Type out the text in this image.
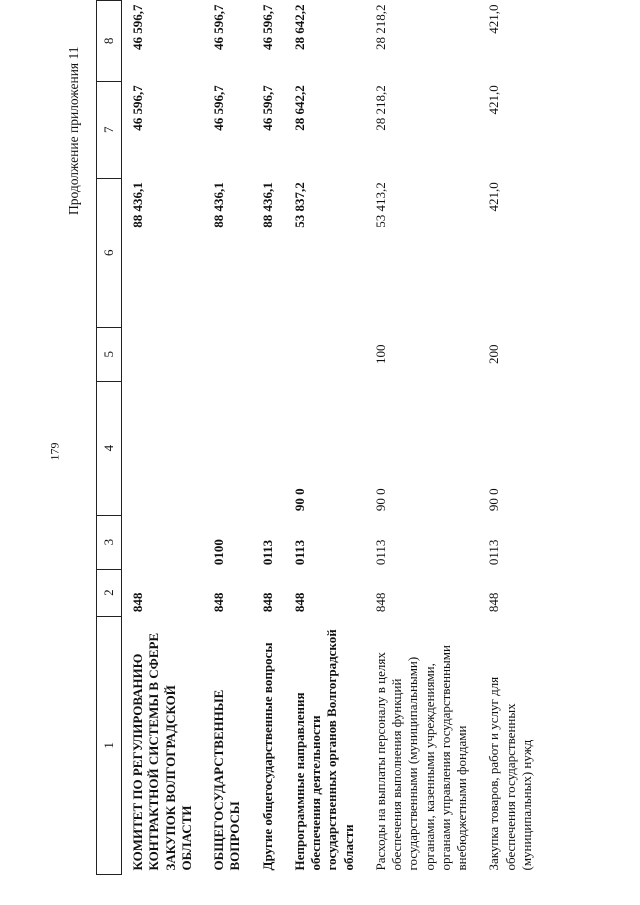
179
Продолжение приложения 11
1	2	3	4	5	6	7	8
КОМИТЕТ ПО РЕГУЛИРОВАНИЮ КОНТРАКТНОЙ СИСТЕМЫ В СФЕРЕ ЗАКУПОК ВОЛГОГРАДСКОЙ ОБЛАСТИ	848				88 436,1	46 596,7	46 596,7
ОБЩЕГОСУДАРСТВЕННЫЕ ВОПРОСЫ	848	0100			88 436,1	46 596,7	46 596,7
Другие общегосударственные вопросы	848	0113			88 436,1	46 596,7	46 596,7
Непрограммные направления обеспечения деятельности государственных органов Волгоградской области	848	0113	90 0		53 837,2	28 642,2	28 642,2
Расходы на выплаты персоналу в целях обеспечения выполнения функций государственными (муниципальными) органами, казенными учреждениями, органами управления государственными внебюджетными фондами	848	0113	90 0	100	53 413,2	28 218,2	28 218,2
Закупка товаров, работ и услуг для обеспечения государственных (муниципальных) нужд	848	0113	90 0	200	421,0	421,0	421,0
